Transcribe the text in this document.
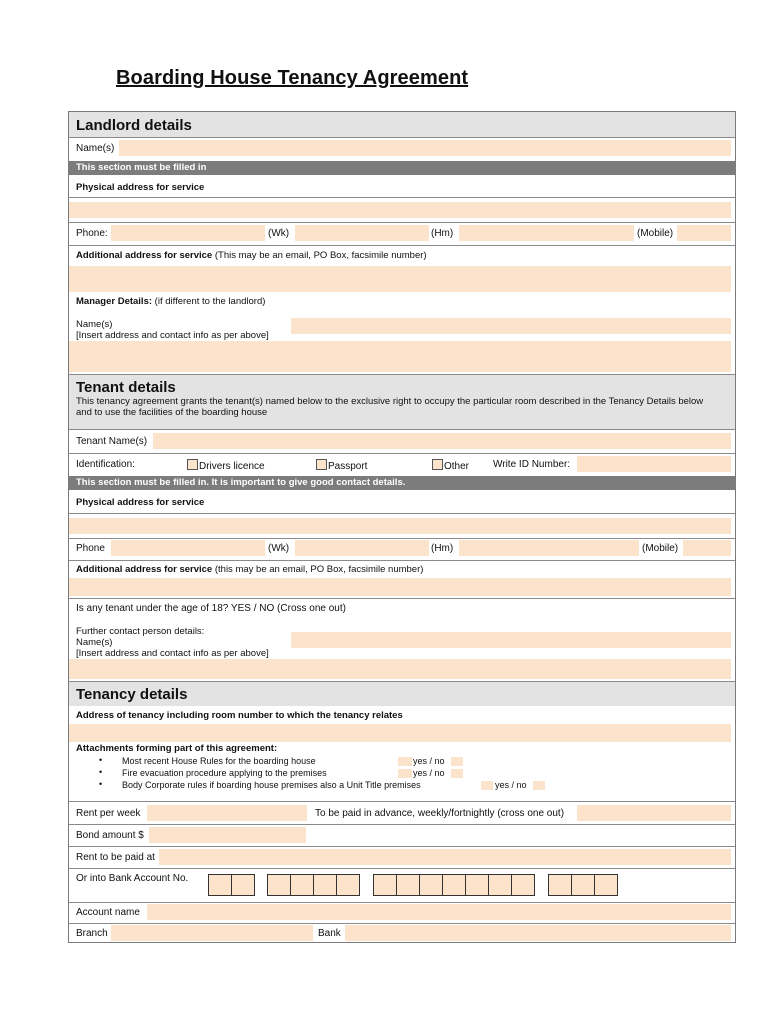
Boarding House Tenancy Agreement
Landlord details
Name(s)
This section must be filled in
Physical address for service
Phone:	(Wk)	(Hm)	(Mobile)
Additional address for service (This may be an email, PO Box, facsimile number)
Manager Details: (if different to the landlord)
Name(s)
[Insert address and contact info as per above]
Tenant details
This tenancy agreement grants the tenant(s) named below to the exclusive right to occupy the particular room described in the Tenancy Details below and to use the facilities of the boarding house
Tenant Name(s)
Identification:	Drivers licence	Passport	Other Write ID Number:
This section must be filled in. It is important to give good contact details.
Physical address for service
Phone	(Wk)	(Hm)	(Mobile)
Additional address for service (this may be an email, PO Box, facsimile number)
Is any tenant under the age of 18? YES / NO (Cross one out)
Further contact person details:
Name(s)
[Insert address and contact info as per above]
Tenancy details
Address of tenancy including room number to which the tenancy relates
Attachments forming part of this agreement:
• Most recent House Rules for the boarding house	yes / no
• Fire evacuation procedure applying to the premises	yes / no
• Body Corporate rules if boarding house premises also a Unit Title premises	yes / no
Rent per week	To be paid in advance, weekly/fortnightly (cross one out)
Bond amount $
Rent to be paid at
Or into Bank Account No.
Account name
Branch	Bank
